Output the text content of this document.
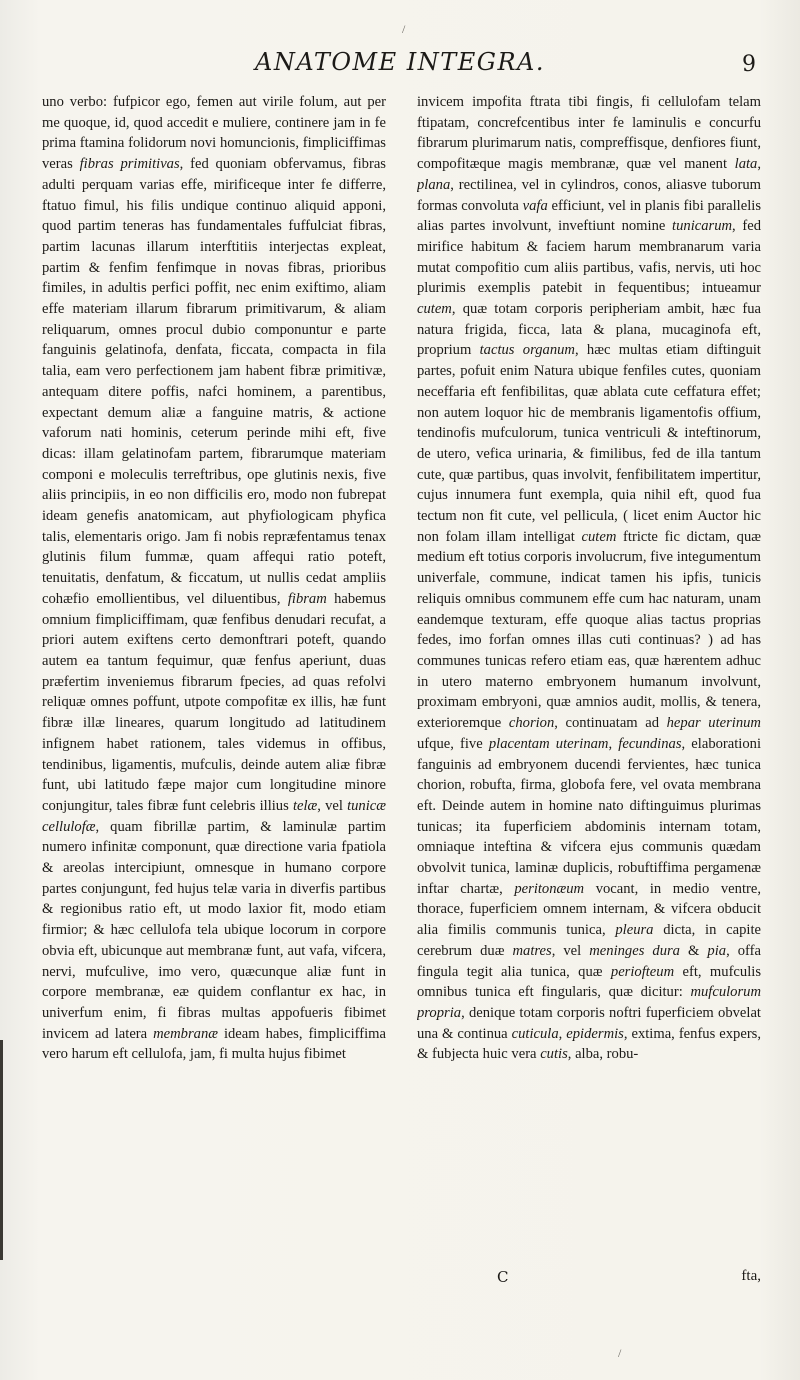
/
ANATOME INTEGRA.	9

uno verbo: fufpicor ego, femen aut virile folum, aut per me quoque, id, quod accedit e muliere, continere jam in fe prima ftamina folidorum novi homuncionis, fimpliciffimas veras fibras primitivas, fed quoniam obfervamus, fibras adulti perquam varias effe, mirificeque inter fe differre, ftatuo fimul, his filis undique continuo aliquid apponi, quod partim teneras has fundamentales fuffulciat fibras, partim lacunas illarum interftitiis interjectas expleat, partim & fenfim fenfimque in novas fibras, prioribus fimiles, in adultis perfici poffit, nec enim exiftimo, aliam effe materiam illarum fibrarum primitivarum, & aliam reliquarum, omnes procul dubio componuntur e parte fanguinis gelatinofa, denfata, ficcata, compacta in fila talia, eam vero perfectionem jam habent fibræ primitivæ, antequam ditere poffis, nafci hominem, a parentibus, expectant demum aliæ a fanguine matris, & actione vaforum nati hominis, ceterum perinde mihi eft, five dicas: illam gelatinofam partem, fibrarumque materiam componi e moleculis terreftribus, ope glutinis nexis, five aliis principiis, in eo non difficilis ero, modo non fubrepat ideam genefis anatomicam, aut phyfiologicam phyfica talis, elementaris origo. Jam fi nobis repræfentamus tenax glutinis filum fummæ, quam affequi ratio poteft, tenuitatis, denfatum, & ficcatum, ut nullis cedat ampliis cohæfio emollientibus, vel diluentibus, fibram habemus omnium fimpliciffimam, quæ fenfibus denudari recufat, a priori autem exiftens certo demonftrari poteft, quando autem ea tantum fequimur, quæ fenfus aperiunt, duas præfertim inveniemus fibrarum fpecies, ad quas refolvi reliquæ omnes poffunt, utpote compofitæ ex illis, hæ funt fibræ illæ lineares, quarum longitudo ad latitudinem infignem habet rationem, tales videmus in offibus, tendinibus, ligamentis, mufculis, deinde autem aliæ fibræ funt, ubi latitudo fæpe major cum longitudine minore conjungitur, tales fibræ funt celebris illius telæ, vel tunicæ cellulofæ, quam fibrillæ partim, & laminulæ partim numero infinitæ componunt, quæ directione varia fpatiola & areolas intercipiunt, omnesque in humano corpore partes conjungunt, fed hujus telæ varia in diverfis partibus & regionibus ratio eft, ut modo laxior fit, modo etiam firmior; & hæc cellulofa tela ubique locorum in corpore obvia eft, ubicunque aut membranæ funt, aut vafa, vifcera, nervi, mufculive, imo vero, quæcunque aliæ funt in corpore membranæ, eæ quidem conflantur ex hac, in univerfum enim, fi fibras multas appofueris fibimet invicem ad latera membranæ ideam habes, fimpliciffima vero harum eft cellulofa, jam, fi multa hujus fibimet

invicem impofita ftrata tibi fingis, fi cellulofam telam ftipatam, concrefcentibus inter fe laminulis e concurfu fibrarum plurimarum natis, compreffisque, denfiores fiunt, compofitæque magis membranæ, quæ vel manent lata, plana, rectilinea, vel in cylindros, conos, aliasve tuborum formas convoluta vafa efficiunt, vel in planis fibi parallelis alias partes involvunt, inveftiunt nomine tunicarum, fed mirifice habitum & faciem harum membranarum varia mutat compofitio cum aliis partibus, vafis, nervis, uti hoc plurimis exemplis patebit in fequentibus; intueamur cutem, quæ totam corporis peripheriam ambit, hæc fua natura frigida, ficca, lata & plana, mucaginofa eft, proprium tactus organum, hæc multas etiam diftinguit partes, pofuit enim Natura ubique fenfiles cutes, quoniam neceffaria eft fenfibilitas, quæ ablata cute ceffatura effet; non autem loquor hic de membranis ligamentofis offium, tendinofis mufculorum, tunica ventriculi & inteftinorum, de utero, vefica urinaria, & fimilibus, fed de illa tantum cute, quæ partibus, quas involvit, fenfibilitatem impertitur, cujus innumera funt exempla, quia nihil eft, quod fua tectum non fit cute, vel pellicula, ( licet enim Auctor hic non folam illam intelligat cutem ftricte fic dictam, quæ medium eft totius corporis involucrum, five integumentum univerfale, commune, indicat tamen his ipfis, tunicis reliquis omnibus communem effe cum hac naturam, unam eandemque texturam, effe quoque alias tactus proprias fedes, imo forfan omnes illas cuti continuas? ) ad has communes tunicas refero etiam eas, quæ hærentem adhuc in utero materno embryonem humanum involvunt, proximam embryoni, quæ amnios audit, mollis, & tenera, exterioremque chorion, continuatam ad hepar uterinum ufque, five placentam uterinam, fecundinas, elaborationi fanguinis ad embryonem ducendi fervientes, hæc tunica chorion, robufta, firma, globofa fere, vel ovata membrana eft. Deinde autem in homine nato diftinguimus plurimas tunicas; ita fuperficiem abdominis internam totam, omniaque inteftina & vifcera ejus communis quædam obvolvit tunica, laminæ duplicis, robuftiffima pergamenæ inftar chartæ, peritonæum vocant, in medio ventre, thorace, fuperficiem omnem internam, & vifcera obducit alia fimilis communis tunica, pleura dicta, in capite cerebrum duæ matres, vel meninges dura & pia, offa fingula tegit alia tunica, quæ periofteum eft, mufculis omnibus tunica eft fingularis, quæ dicitur: mufculorum propria, denique totam corporis noftri fuperficiem obvelat una & continua cuticula, epidermis, extima, fenfus expers, & fubjecta huic vera cutis, alba, robu-

C	fta,
/
